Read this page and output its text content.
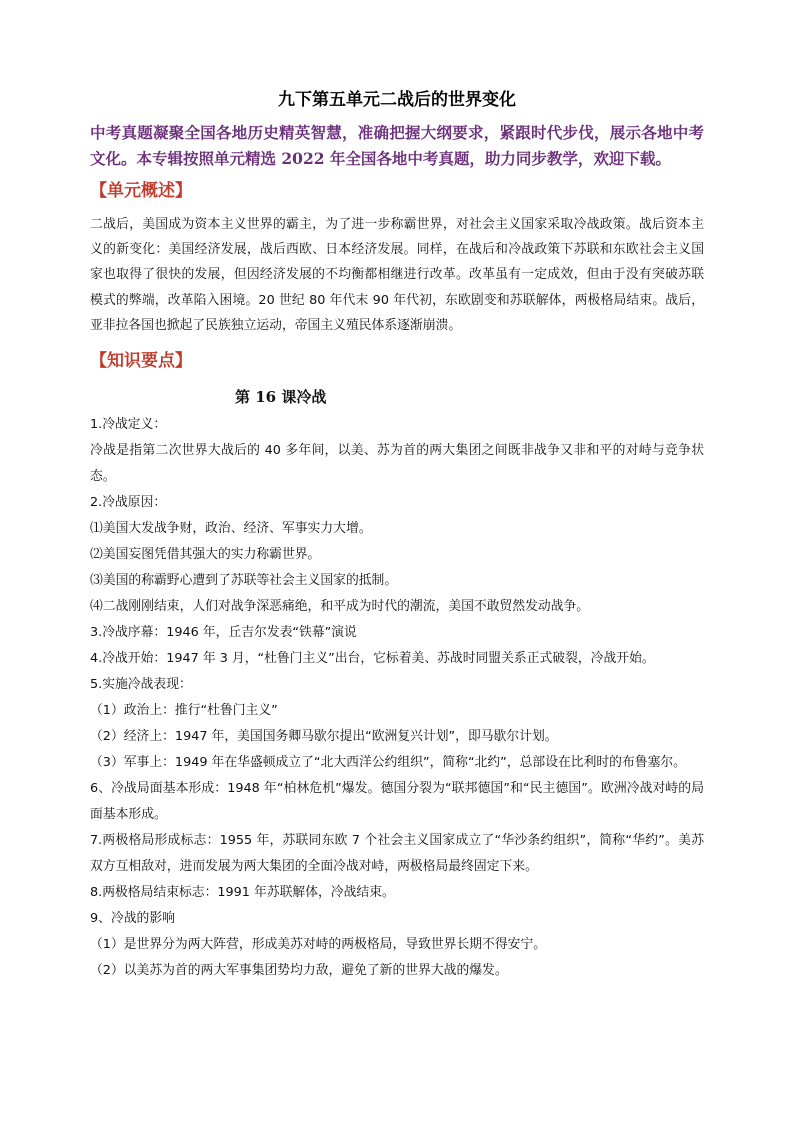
九下第五单元二战后的世界变化

中考真题凝聚全国各地历史精英智慧，准确把握大纲要求，紧跟时代步伐，展示各地中考文化。本专辑按照单元精选 2022 年全国各地中考真题，助力同步教学，欢迎下载。

【单元概述】

二战后，美国成为资本主义世界的霸主，为了进一步称霸世界，对社会主义国家采取冷战政策。战后资本主义的新变化：美国经济发展，战后西欧、日本经济发展。同样，在战后和冷战政策下苏联和东欧社会主义国家也取得了很快的发展，但因经济发展的不均衡都相继进行改革。改革虽有一定成效，但由于没有突破苏联模式的弊端，改革陷入困境。20 世纪 80 年代末 90 年代初，东欧剧变和苏联解体，两极格局结束。战后，亚非拉各国也掀起了民族独立运动，帝国主义殖民体系逐渐崩溃。

【知识要点】
第 16 课冷战

1.冷战定义：

冷战是指第二次世界大战后的 40 多年间，以美、苏为首的两大集团之间既非战争又非和平的对峙与竞争状态。

2.冷战原因：

⑴美国大发战争财，政治、经济、军事实力大增。

⑵美国妄图凭借其强大的实力称霸世界。

⑶美国的称霸野心遭到了苏联等社会主义国家的抵制。

⑷二战刚刚结束，人们对战争深恶痛绝，和平成为时代的潮流，美国不敢贸然发动战争。

3.冷战序幕：1946 年，丘吉尔发表“铁幕”演说

4.冷战开始：1947 年 3 月，“杜鲁门主义”出台，它标着美、苏战时同盟关系正式破裂，冷战开始。

5.实施冷战表现：

（1）政治上：推行“杜鲁门主义”

（2）经济上：1947 年，美国国务卿马歇尔提出“欧洲复兴计划”，即马歇尔计划。

（3）军事上：1949 年在华盛顿成立了“北大西洋公约组织”，简称“北约”，总部设在比利时的布鲁塞尔。

6、冷战局面基本形成：1948 年“柏林危机”爆发。德国分裂为“联邦德国”和“民主德国”。欧洲冷战对峙的局面基本形成。

7.两极格局形成标志：1955 年，苏联同东欧 7 个社会主义国家成立了“华沙条约组织”，简称“华约”。美苏双方互相敌对，进而发展为两大集团的全面冷战对峙，两极格局最终固定下来。

8.两极格局结束标志：1991 年苏联解体，冷战结束。

9、冷战的影响

（1）是世界分为两大阵营，形成美苏对峙的两极格局，导致世界长期不得安宁。

（2）以美苏为首的两大军事集团势均力敌，避免了新的世界大战的爆发。
